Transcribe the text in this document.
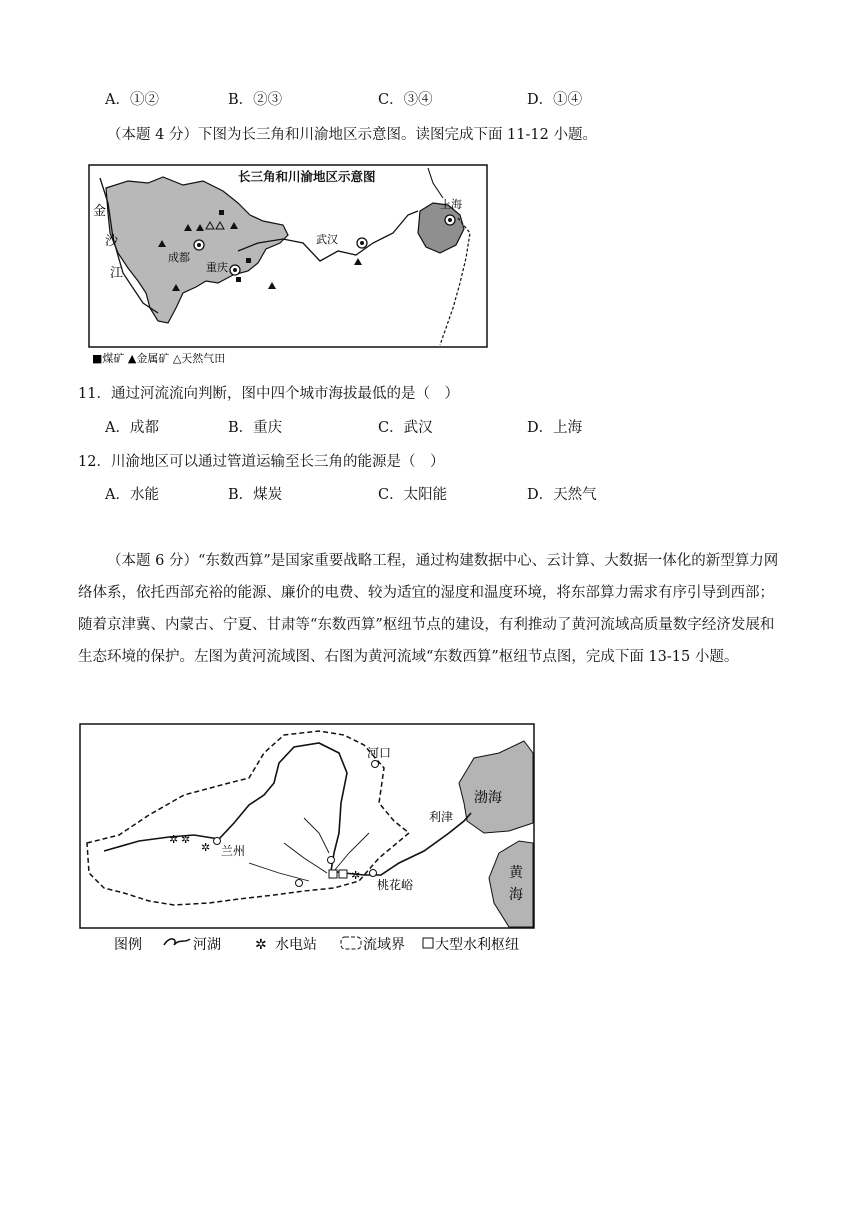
A．①②	B．②③	C．③④	D．①④
（本题 4 分）下图为长三角和川渝地区示意图。读图完成下面 11-12 小题。
长三角和川渝地区示意图
金
沙
江
成都
重庆
武汉
上海
■煤矿 ▲金属矿 △天然气田
11．通过河流流向判断，图中四个城市海拔最低的是（　）
A．成都	B．重庆	C．武汉	D．上海
12．川渝地区可以通过管道运输至长三角的能源是（　）
A．水能	B．煤炭	C．太阳能	D．天然气
（本题 6 分）“东数西算”是国家重要战略工程，通过构建数据中心、云计算、大数据一体化的新型算力网络体系，依托西部充裕的能源、廉价的电费、较为适宜的湿度和温度环境，将东部算力需求有序引导到西部；随着京津冀、内蒙古、宁夏、甘肃等“东数西算”枢纽节点的建设，有利推动了黄河流域高质量数字经济发展和生态环境的保护。左图为黄河流域图、右图为黄河流域“东数西算”枢纽节点图，完成下面 13-15 小题。
✲ ✲
✲
✲
河口
利津
兰州
桃花峪
渤海
黄
海
图例	河湖 ✲ 水电站	流域界 大型水利枢纽
